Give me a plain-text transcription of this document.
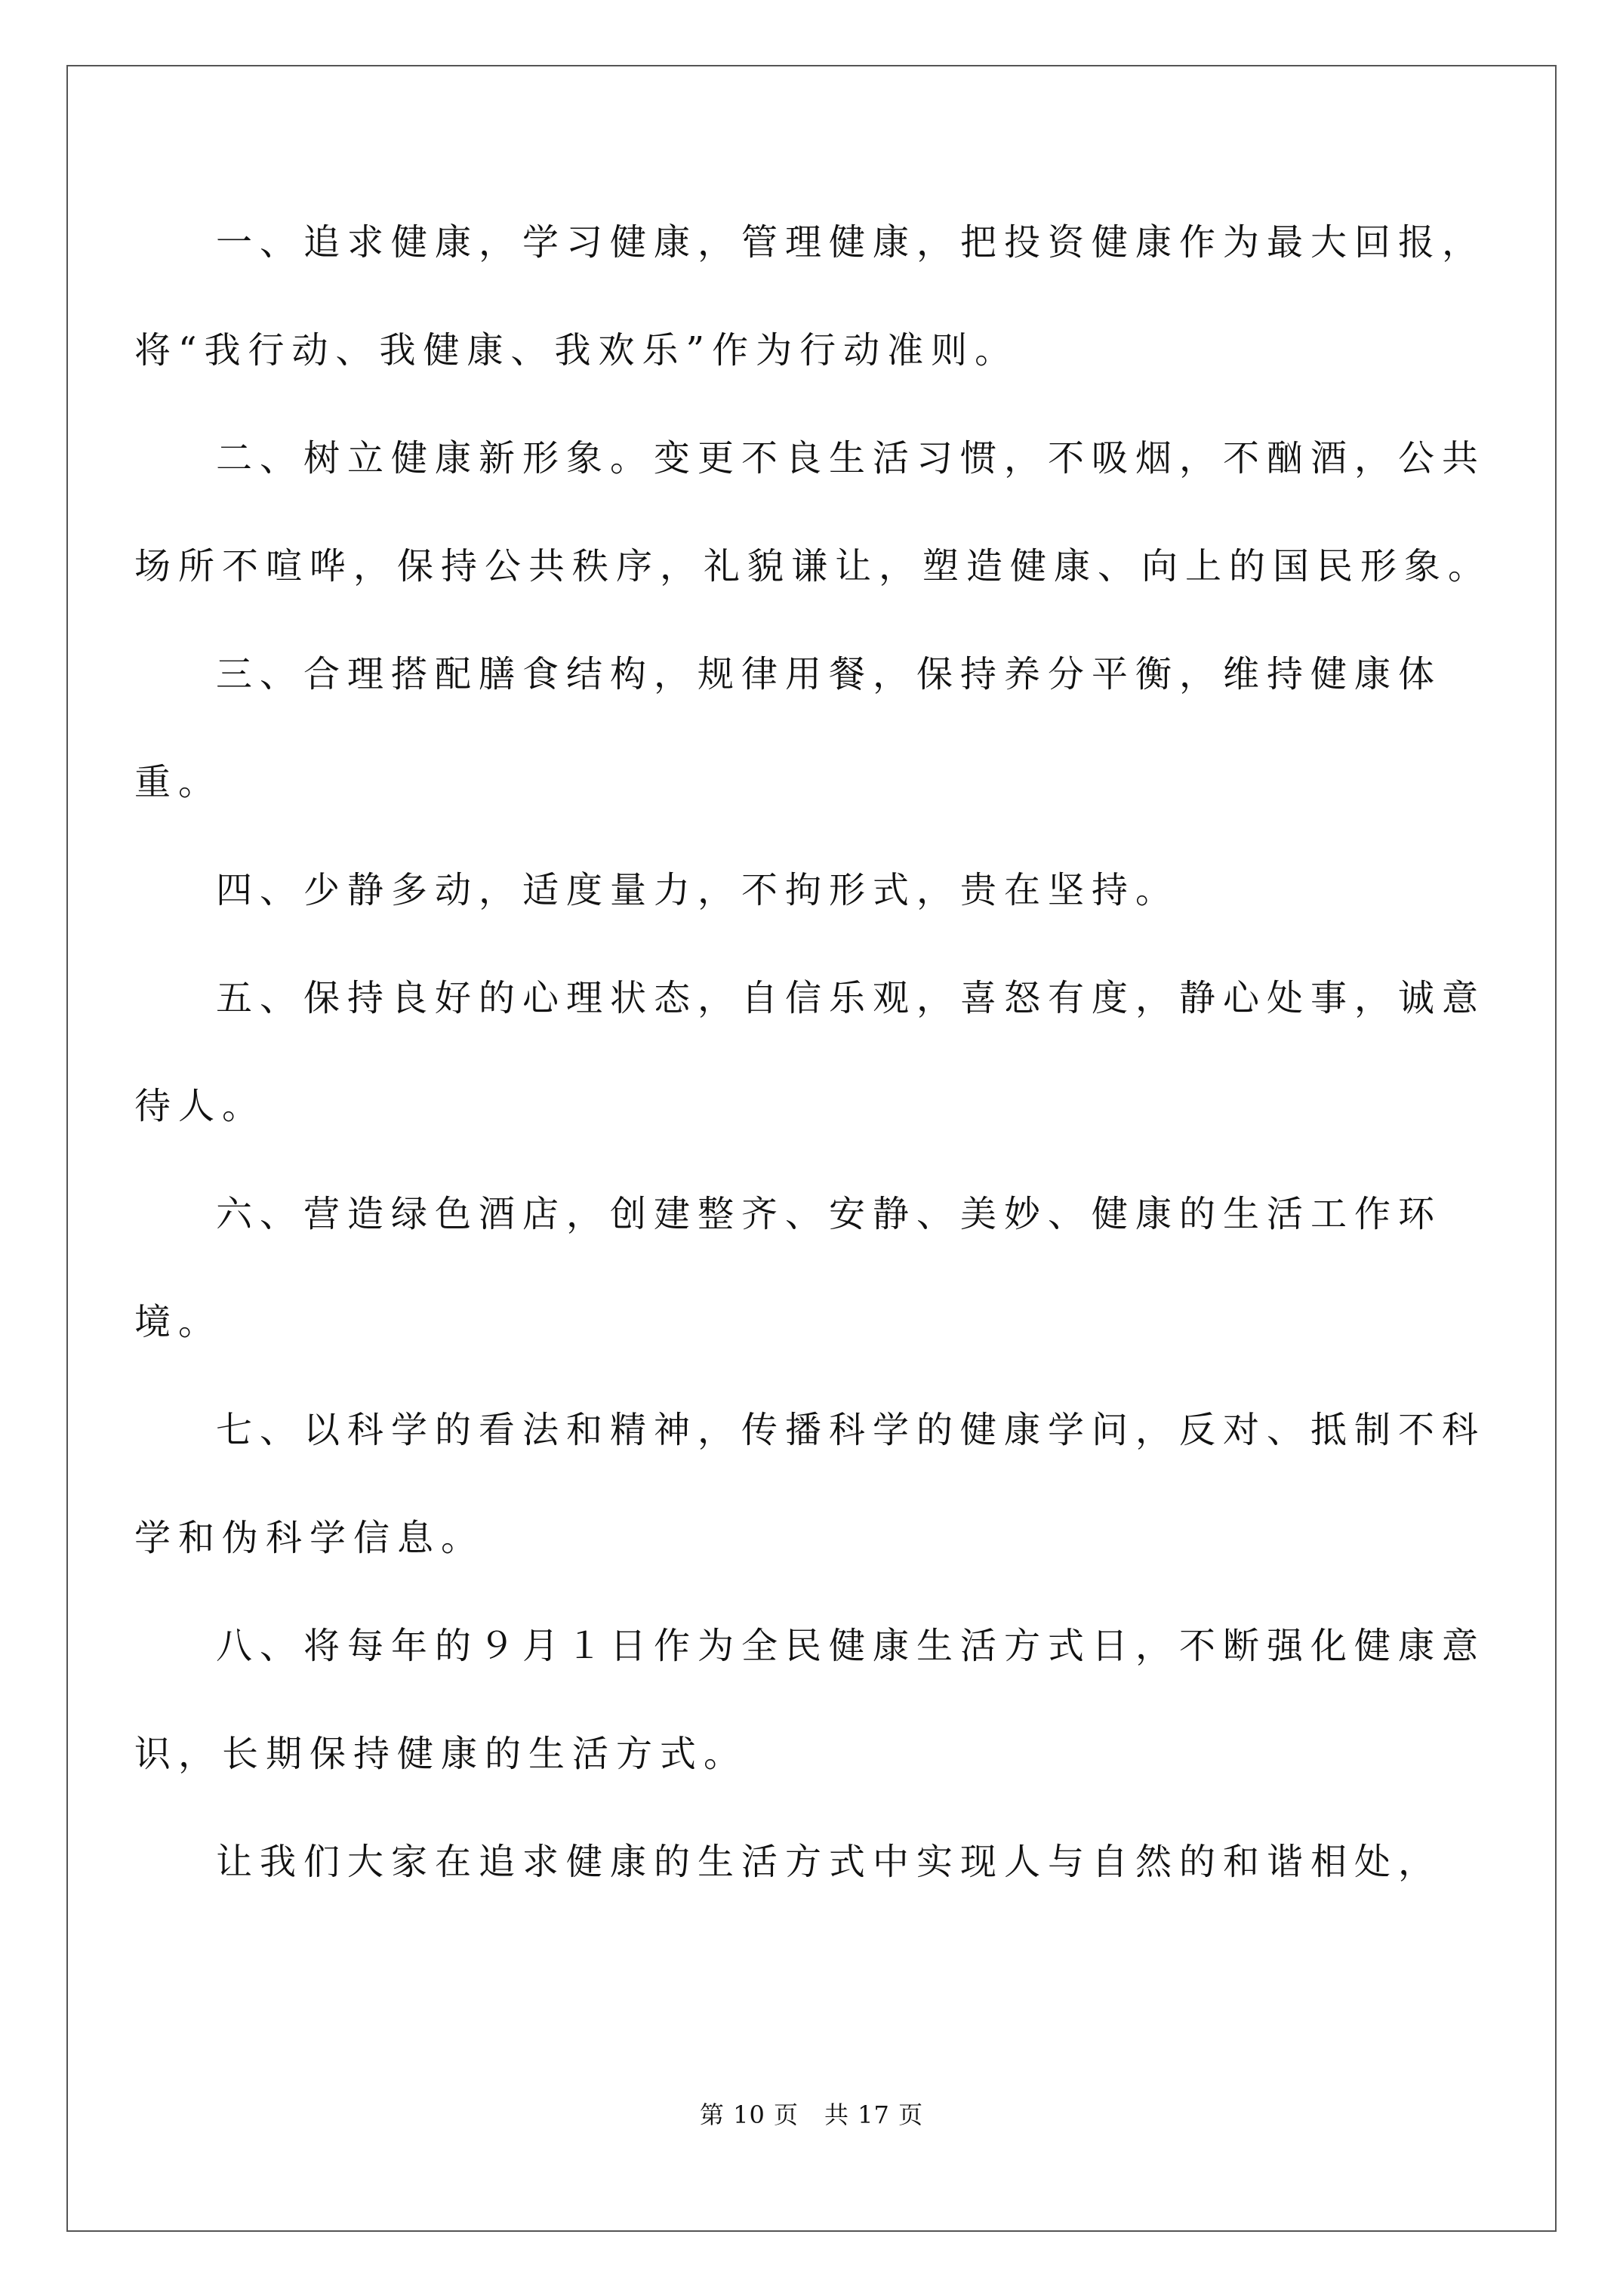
一、追求健康，学习健康，管理健康，把投资健康作为最大回报，将“我行动、我健康、我欢乐”作为行动准则。

二、树立健康新形象。变更不良生活习惯，不吸烟，不酗酒，公共场所不喧哗，保持公共秩序，礼貌谦让，塑造健康、向上的国民形象。

三、合理搭配膳食结构，规律用餐，保持养分平衡，维持健康体重。

四、少静多动，适度量力，不拘形式，贵在坚持。

五、保持良好的心理状态，自信乐观，喜怒有度，静心处事，诚意待人。

六、营造绿色酒店，创建整齐、安静、美妙、健康的生活工作环境。

七、以科学的看法和精神，传播科学的健康学问，反对、抵制不科学和伪科学信息。

八、将每年的９月１日作为全民健康生活方式日，不断强化健康意识，长期保持健康的生活方式。

让我们大家在追求健康的生活方式中实现人与自然的和谐相处，

第 10 页 共 17 页
